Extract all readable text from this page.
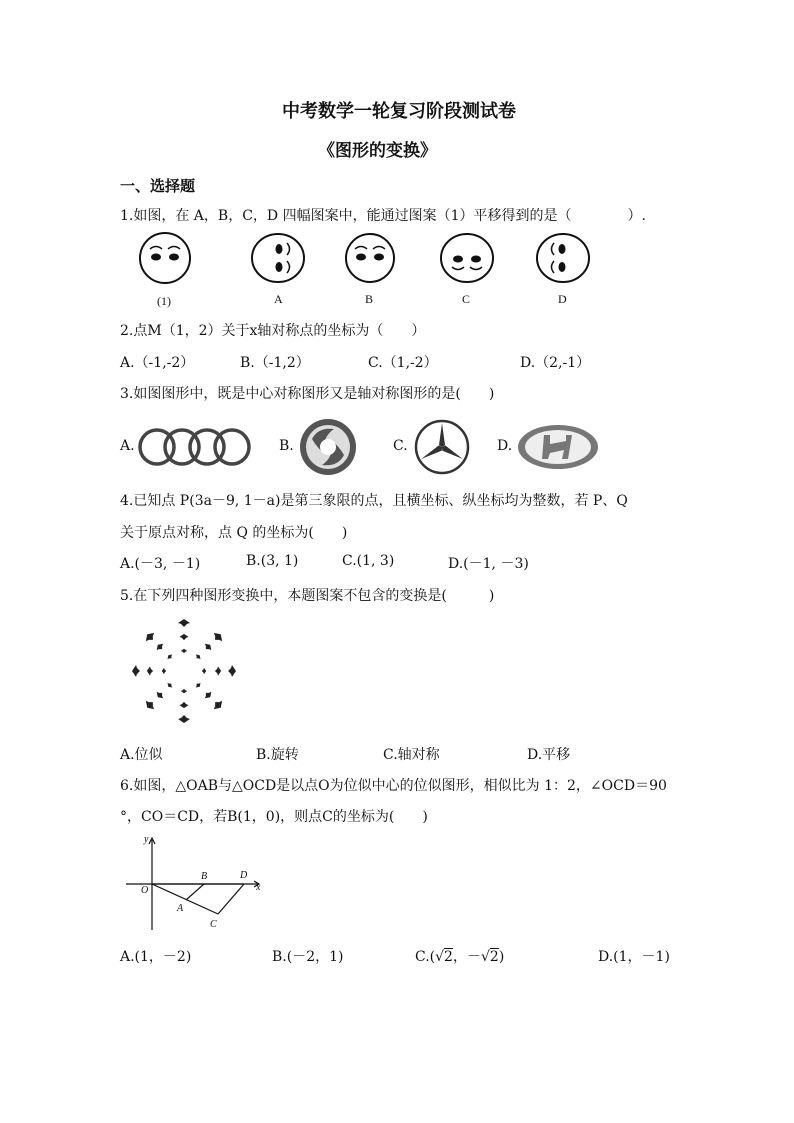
中考数学一轮复习阶段测试卷
《图形的变换》
一、选择题
1.如图，在 A，B，C，D 四幅图案中，能通过图案（1）平移得到的是（　　　　）.
(1)	A	B	C	D
2.点M（1，2）关于x轴对称点的坐标为（　　）
A.（-1,-2）	B.（-1,2）	C.（1,-2）	D.（2,-1）
3.如图图形中，既是中心对称图形又是轴对称图形的是(　　)
A.	B.	C.	D.
4.已知点 P(3a－9, 1－a)是第三象限的点，且横坐标、纵坐标均为整数，若 P、Q
关于原点对称，点 Q 的坐标为(　　)
A.(－3, －1)	B.(3, 1)	C.(1, 3)	D.(－1, －3)
5.在下列四种图形变换中，本题图案不包含的变换是(　　　)
A.位似	B.旋转	C.轴对称	D.平移
6.如图，△OAB与△OCD是以点O为位似中心的位似图形，相似比为 1：2，∠OCD＝90
°，CO＝CD，若B(1，0)，则点C的坐标为(　　)
y
O
B	D
x
A
C
A.(1，－2)	B.(－2，1)	C.(√2，－√2)	D.(1，－1)
